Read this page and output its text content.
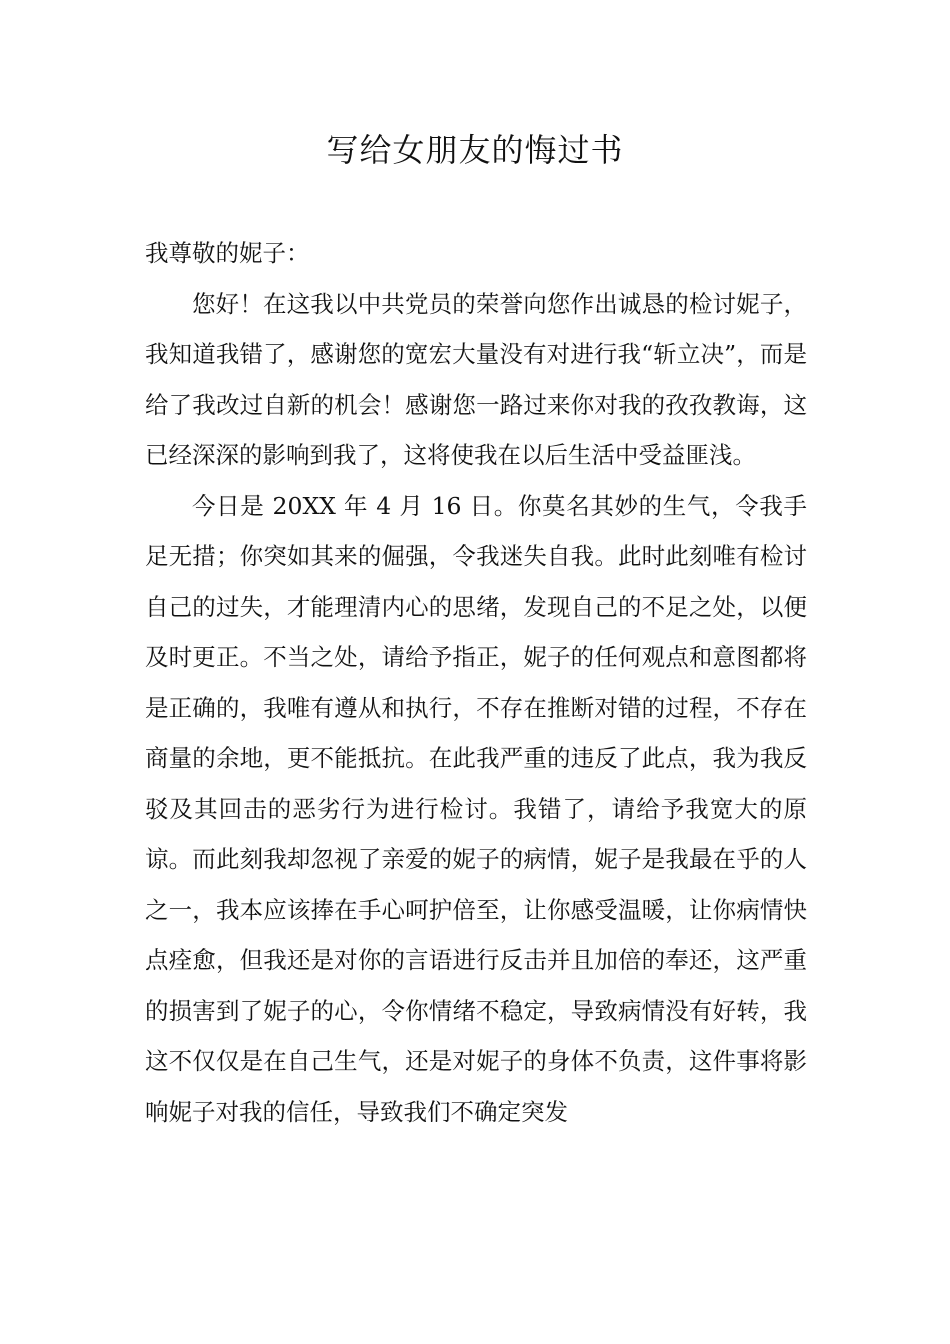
写给女朋友的悔过书

我尊敬的妮子：

您好！在这我以中共党员的荣誉向您作出诚恳的检讨妮子，我知道我错了，感谢您的宽宏大量没有对进行我“斩立决”，而是给了我改过自新的机会！感谢您一路过来你对我的孜孜教诲，这已经深深的影响到我了，这将使我在以后生活中受益匪浅。

今日是 20XX 年 4 月 16 日。你莫名其妙的生气，令我手足无措；你突如其来的倔强，令我迷失自我。此时此刻唯有检讨自己的过失，才能理清内心的思绪，发现自己的不足之处，以便及时更正。不当之处，请给予指正，妮子的任何观点和意图都将是正确的，我唯有遵从和执行，不存在推断对错的过程，不存在商量的余地，更不能抵抗。在此我严重的违反了此点，我为我反驳及其回击的恶劣行为进行检讨。我错了，请给予我宽大的原谅。而此刻我却忽视了亲爱的妮子的病情，妮子是我最在乎的人之一，我本应该捧在手心呵护倍至，让你感受温暖，让你病情快点痊愈，但我还是对你的言语进行反击并且加倍的奉还，这严重的损害到了妮子的心，令你情绪不稳定，导致病情没有好转，我这不仅仅是在自己生气，还是对妮子的身体不负责，这件事将影响妮子对我的信任，导致我们不确定突发
